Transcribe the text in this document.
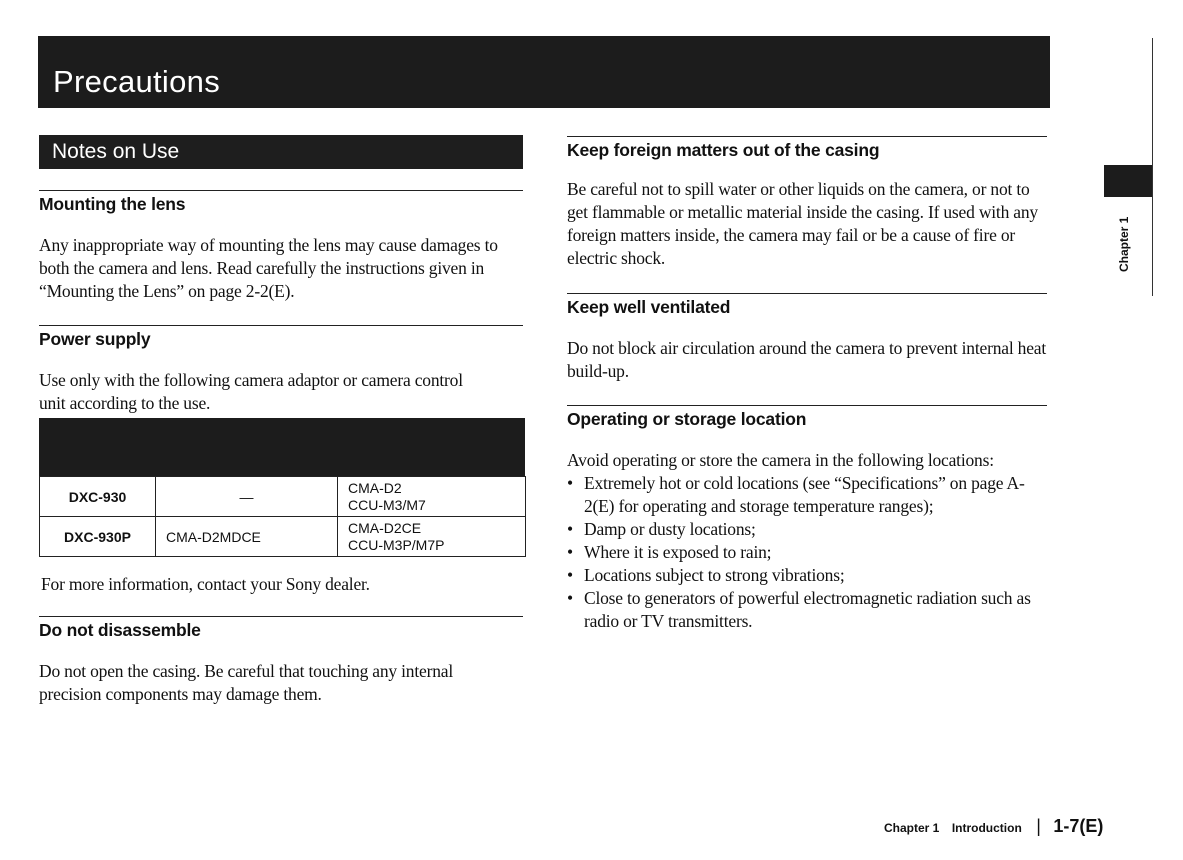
Precautions
Chapter 1
Notes on Use
Mounting the lens
Any inappropriate way of mounting the lens may cause damages to both the camera and lens. Read carefully the instructions given in “Mounting the Lens” on page 2-2(E).
Power supply
Use only with the following camera adaptor or camera control unit according to the use.
DXC-930	—	CMA-D2
CCU-M3/M7

DXC-930P	CMA-D2MDCE	CMA-D2CE
CCU-M3P/M7P
For more information, contact your Sony dealer.
Do not disassemble
Do not open the casing. Be careful that touching any internal precision components may damage them.
Keep foreign matters out of the casing
Be careful not to spill water or other liquids on the camera, or not to get flammable or metallic material inside the casing. If used with any foreign matters inside, the camera may fail or be a cause of fire or electric shock.
Keep well ventilated
Do not block air circulation around the camera to prevent internal heat build-up.
Operating or storage location
Avoid operating or store the camera in the following locations:
• Extremely hot or cold locations (see “Specifications” on page A-2(E) for operating and storage temperature ranges);
• Damp or dusty locations;
• Where it is exposed to rain;
• Locations subject to strong vibrations;
• Close to generators of powerful electromagnetic radiation such as radio or TV transmitters.
Chapter 1 Introduction | 1-7(E)
